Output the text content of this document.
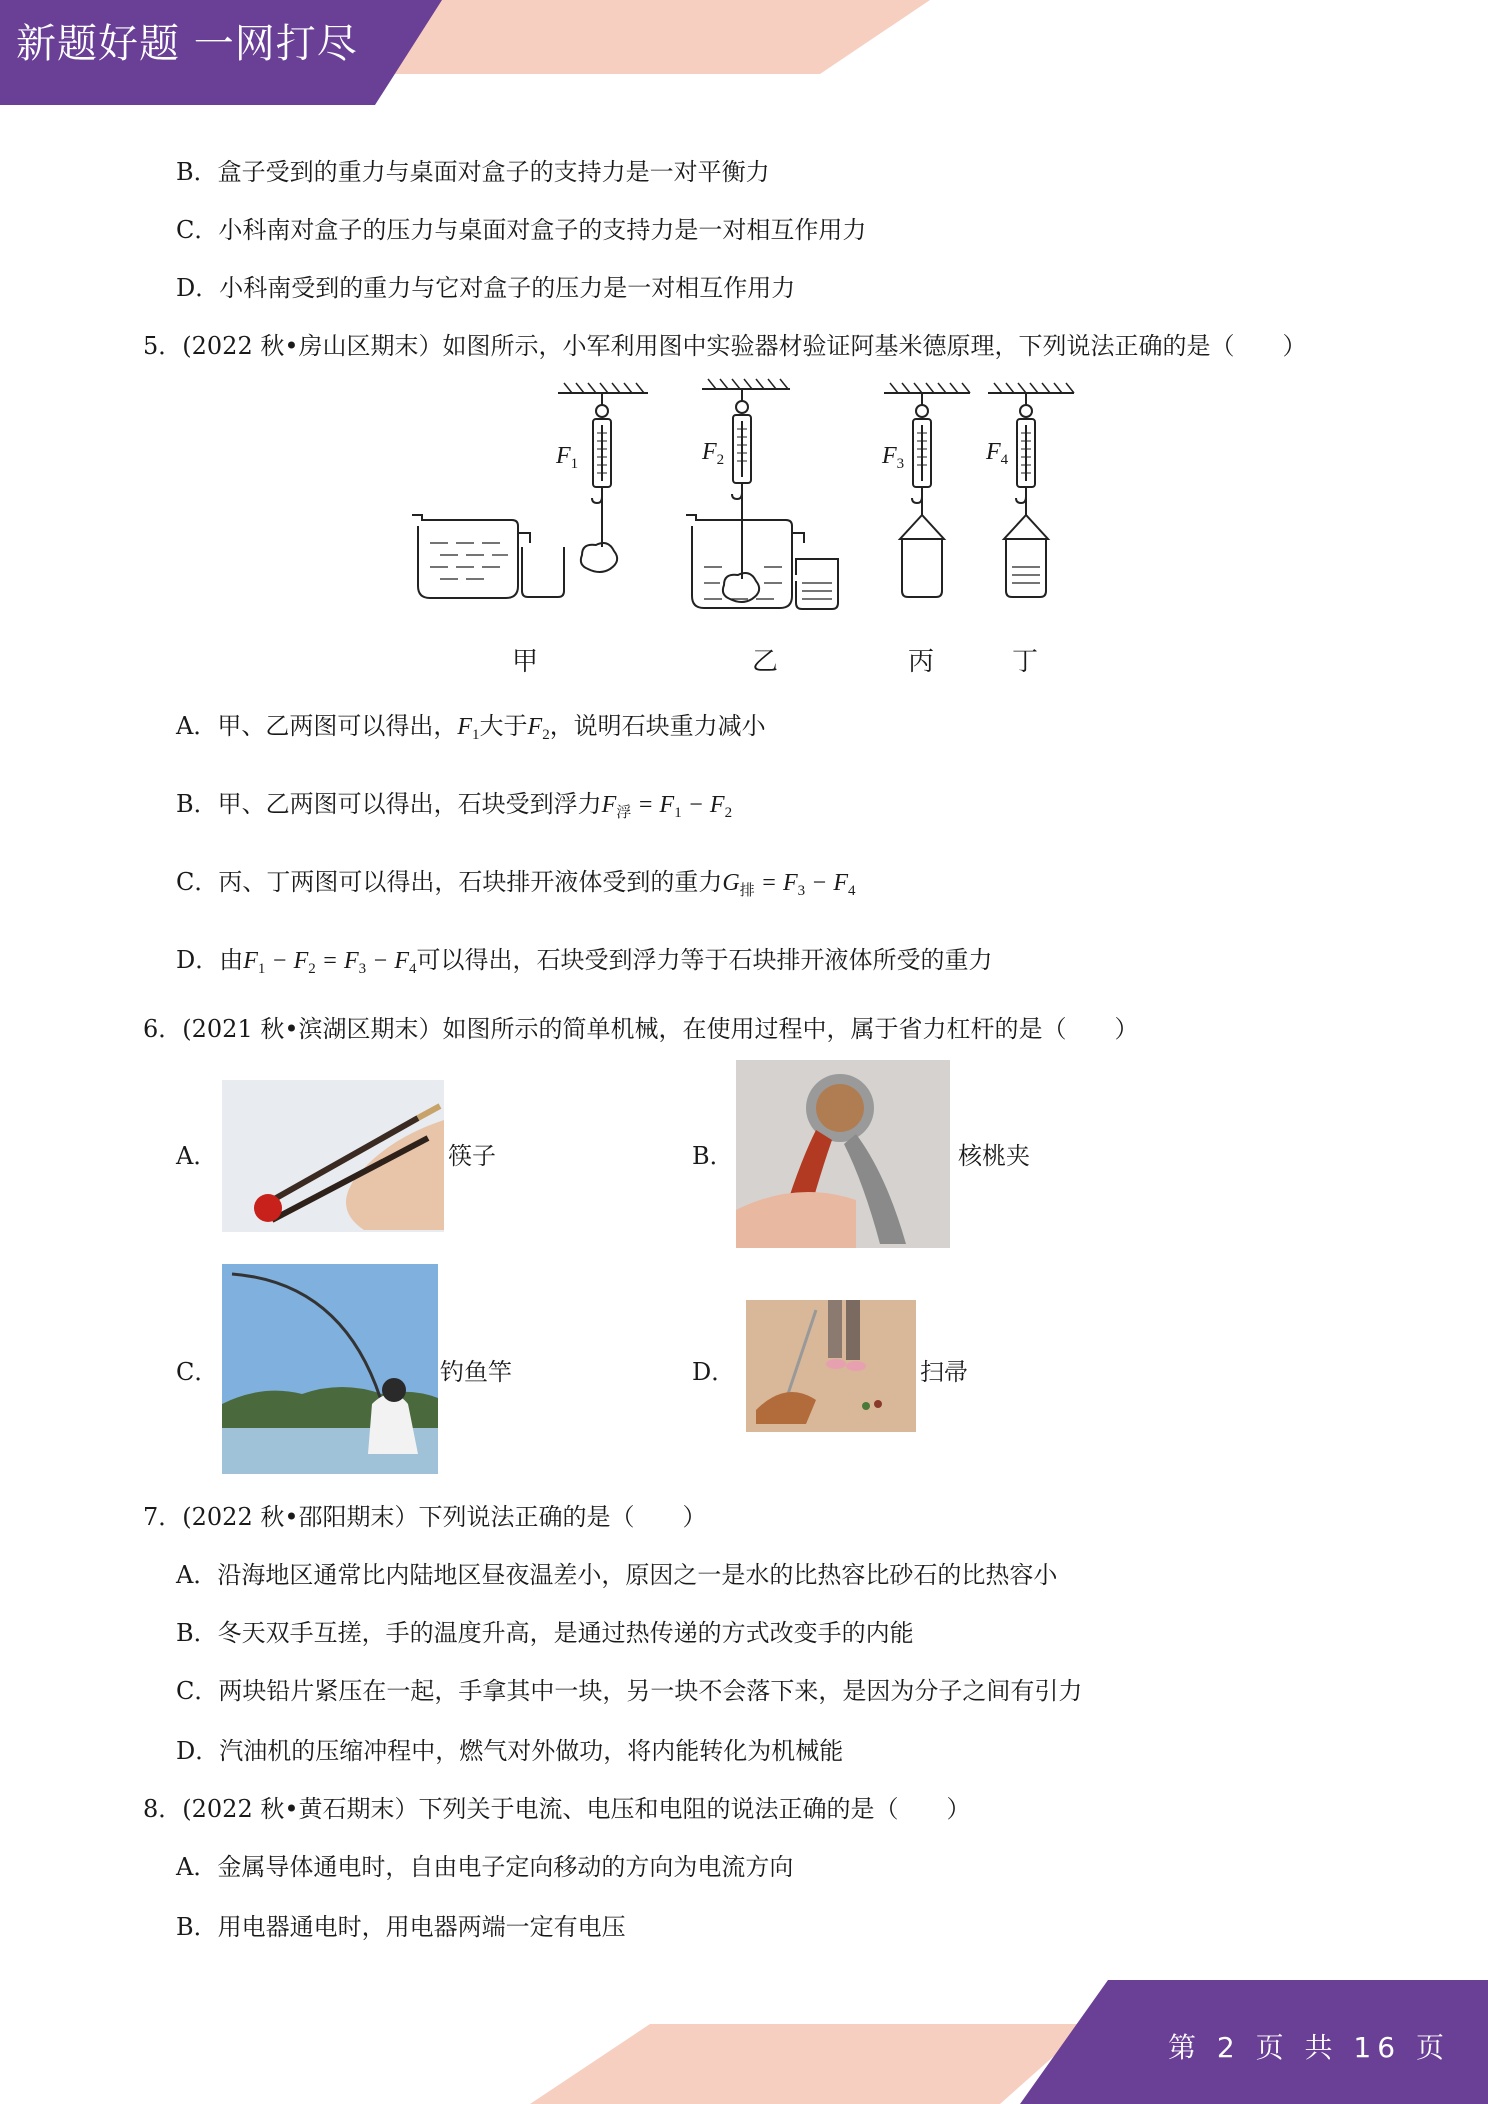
新题好题 一网打尽
B．盒子受到的重力与桌面对盒子的支持力是一对平衡力
C．小科南对盒子的压力与桌面对盒子的支持力是一对相互作用力
D．小科南受到的重力与它对盒子的压力是一对相互作用力
5．(2022 秋•房山区期末）如图所示，小军利用图中实验器材验证阿基米德原理，下列说法正确的是（　　）
$F_1$	$F_2$	$F_3$	$F_4$
甲	乙	丙	丁
A．甲、乙两图可以得出，$F_1$大于$F_2$，说明石块重力减小
B．甲、乙两图可以得出，石块受到浮力$F_浮 = F_1 - F_2$
C．丙、丁两图可以得出，石块排开液体受到的重力$G_排 = F_3 - F_4$
D．由$F_1 - F_2 = F_3 - F_4$可以得出，石块受到浮力等于石块排开液体所受的重力
6．(2021 秋•滨湖区期末）如图所示的简单机械，在使用过程中，属于省力杠杆的是（　　）
A．	筷子	B．	核桃夹
C．	钓鱼竿	D．	扫帚
7．(2022 秋•邵阳期末）下列说法正确的是（　　）
A．沿海地区通常比内陆地区昼夜温差小，原因之一是水的比热容比砂石的比热容小
B．冬天双手互搓，手的温度升高，是通过热传递的方式改变手的内能
C．两块铅片紧压在一起，手拿其中一块，另一块不会落下来，是因为分子之间有引力
D．汽油机的压缩冲程中，燃气对外做功，将内能转化为机械能
8．(2022 秋•黄石期末）下列关于电流、电压和电阻的说法正确的是（　　）
A．金属导体通电时，自由电子定向移动的方向为电流方向
B．用电器通电时，用电器两端一定有电压
第 2 页 共 16 页
